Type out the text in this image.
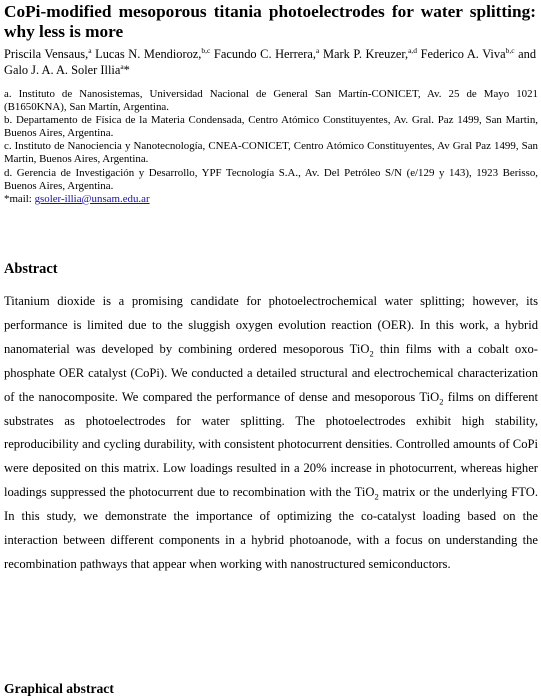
CoPi-modified mesoporous titania photoelectrodes for water splitting: why less is more

Priscila Vensaus,$^a$ Lucas N. Mendioroz,$^{b,c}$ Facundo C. Herrera,$^a$ Mark P. Kreuzer,$^{a,d}$ Federico A. Viva$^{b,c}$ and Galo J. A. A. Soler Illia$^a$*

a. Instituto de Nanosistemas, Universidad Nacional de General San Martín-CONICET, Av. 25 de Mayo 1021 (B1650KNA), San Martín, Argentina.

b. Departamento de Física de la Materia Condensada, Centro Atómico Constituyentes, Av. Gral. Paz 1499, San Martin, Buenos Aires, Argentina.

c. Instituto de Nanociencia y Nanotecnología, CNEA-CONICET, Centro Atómico Constituyentes, Av Gral Paz 1499, San Martin, Buenos Aires, Argentina.

d. Gerencia de Investigación y Desarrollo, YPF Tecnología S.A., Av. Del Petróleo S/N (e/129 y 143), 1923 Berisso, Buenos Aires, Argentina.

*mail: gsoler-illia@unsam.edu.ar

Abstract

Titanium dioxide is a promising candidate for photoelectrochemical water splitting; however, its performance is limited due to the sluggish oxygen evolution reaction (OER). In this work, a hybrid nanomaterial was developed by combining ordered mesoporous TiO$_2$ thin films with a cobalt oxo-phosphate OER catalyst (CoPi). We conducted a detailed structural and electrochemical characterization of the nanocomposite. We compared the performance of dense and mesoporous TiO$_2$ films on different substrates as photoelectrodes for water splitting. The photoelectrodes exhibit high stability, reproducibility and cycling durability, with consistent photocurrent densities. Controlled amounts of CoPi were deposited on this matrix. Low loadings resulted in a 20% increase in photocurrent, whereas higher loadings suppressed the photocurrent due to recombination with the TiO$_2$ matrix or the underlying FTO. In this study, we demonstrate the importance of optimizing the co-catalyst loading based on the interaction between different components in a hybrid photoanode, with a focus on understanding the recombination pathways that appear when working with nanostructured semiconductors.

Graphical abstract
